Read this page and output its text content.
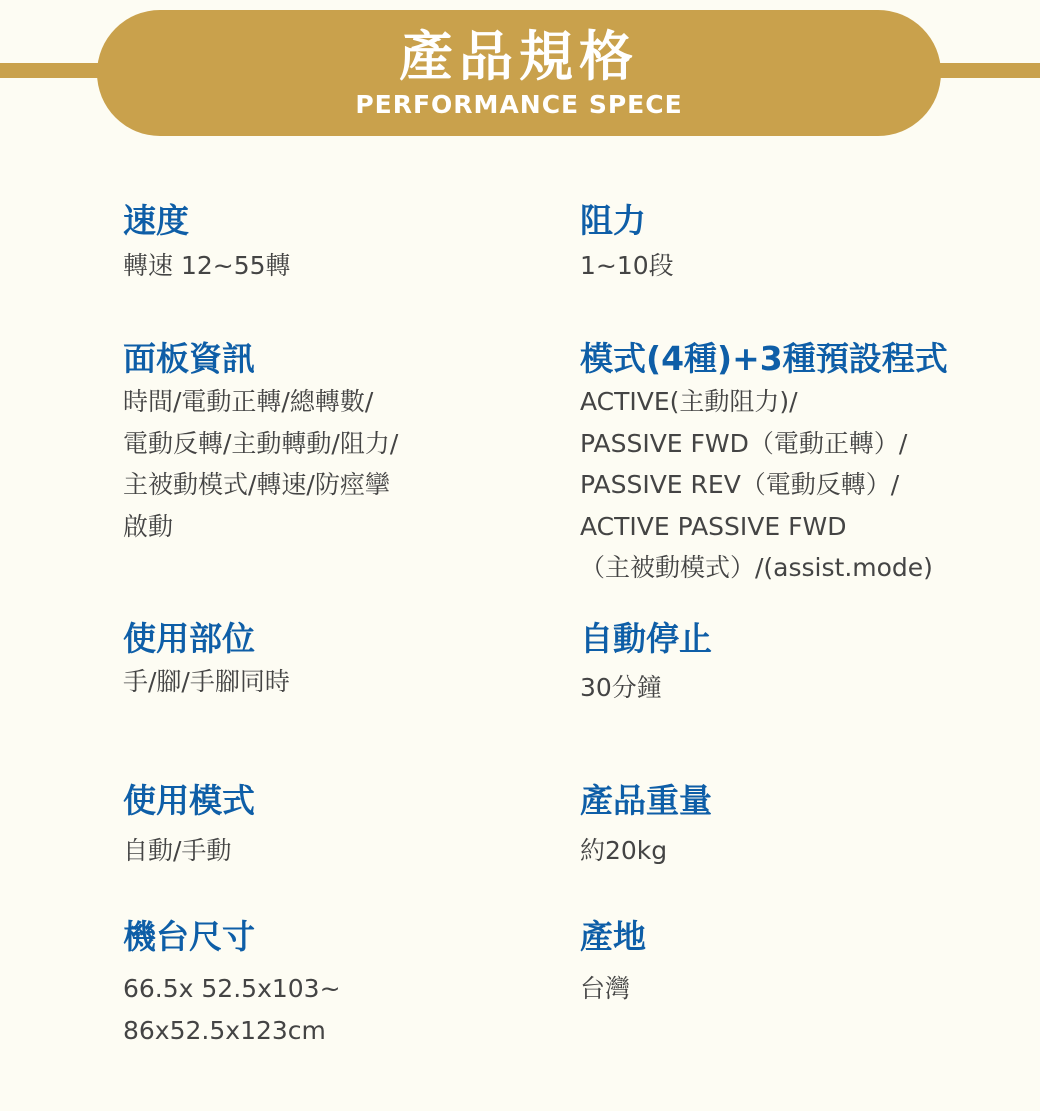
產品規格
PERFORMANCE SPECE
速度
轉速 12~55轉
阻力
1~10段
面板資訊
時間/電動正轉/總轉數/
電動反轉/主動轉動/阻力/
主被動模式/轉速/防痙攣
啟動
模式(4種)+3種預設程式
ACTIVE(主動阻力)/
PASSIVE FWD（電動正轉）/
PASSIVE REV（電動反轉）/
ACTIVE PASSIVE FWD
（主被動模式）/(assist.mode)
使用部位
手/腳/手腳同時
自動停止
30分鐘
使用模式
自動/手動
產品重量
約20kg
機台尺寸
66.5x 52.5x103~
86x52.5x123cm
產地
台灣
